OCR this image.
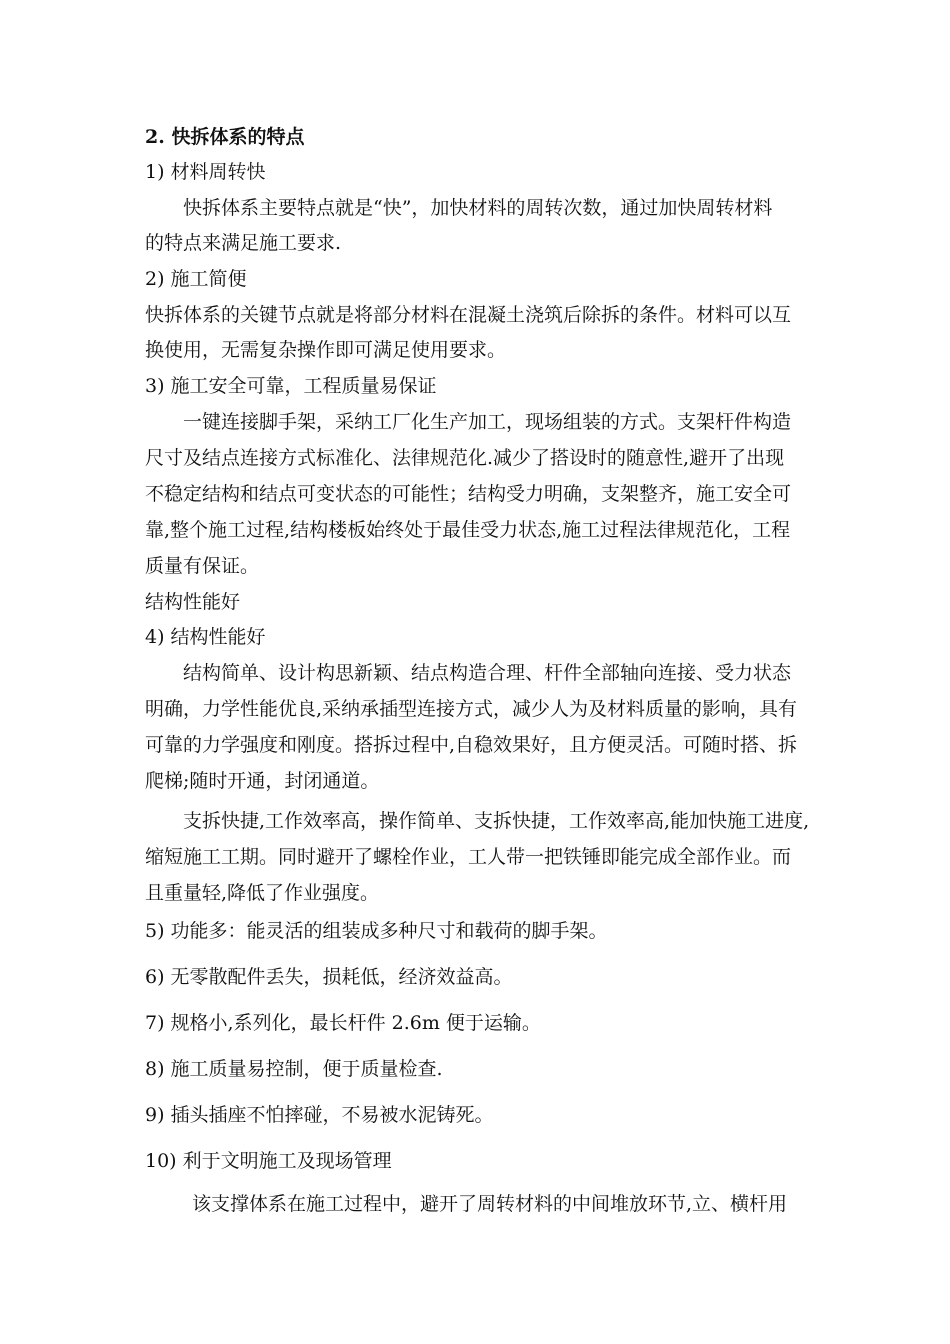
2. 快拆体系的特点
1) 材料周转快
快拆体系主要特点就是“快”，加快材料的周转次数，通过加快周转材料
的特点来满足施工要求.
2) 施工简便
快拆体系的关键节点就是将部分材料在混凝土浇筑后除拆的条件。材料可以互
换使用，无需复杂操作即可满足使用要求。
3) 施工安全可靠，工程质量易保证
一键连接脚手架，采纳工厂化生产加工，现场组装的方式。支架杆件构造
尺寸及结点连接方式标准化、法律规范化.减少了搭设时的随意性,避开了出现
不稳定结构和结点可变状态的可能性；结构受力明确，支架整齐，施工安全可
靠,整个施工过程,结构楼板始终处于最佳受力状态,施工过程法律规范化，工程
质量有保证。
结构性能好
4) 结构性能好
结构简单、设计构思新颖、结点构造合理、杆件全部轴向连接、受力状态
明确，力学性能优良,采纳承插型连接方式，减少人为及材料质量的影响，具有
可靠的力学强度和刚度。搭拆过程中,自稳效果好，且方便灵活。可随时搭、拆
爬梯;随时开通，封闭通道。
支拆快捷,工作效率高，操作简单、支拆快捷，工作效率高,能加快施工进度,
缩短施工工期。同时避开了螺栓作业，工人带一把铁锤即能完成全部作业。而
且重量轻,降低了作业强度。
5) 功能多：能灵活的组装成多种尺寸和载荷的脚手架。
6) 无零散配件丢失，损耗低，经济效益高。
7) 规格小,系列化，最长杆件 2.6m 便于运输。
8) 施工质量易控制，便于质量检查.
9) 插头插座不怕摔碰，不易被水泥铸死。
10) 利于文明施工及现场管理
该支撑体系在施工过程中，避开了周转材料的中间堆放环节,立、横杆用
